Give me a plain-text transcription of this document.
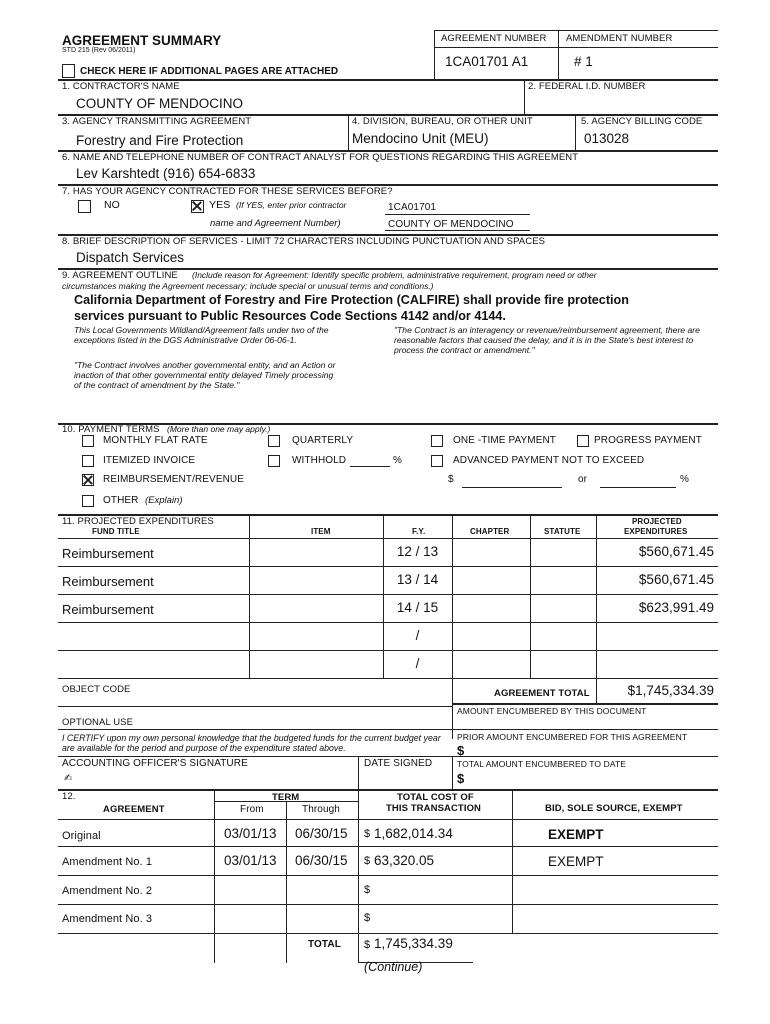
AGREEMENT SUMMARY
STD 215 (Rev 06/2011)
CHECK HERE IF ADDITIONAL PAGES ARE ATTACHED
AGREEMENT NUMBER AMENDMENT NUMBER
1CA01701 A1	# 1
1. CONTRACTOR'S NAME	2. FEDERAL I.D. NUMBER
COUNTY OF MENDOCINO
3. AGENCY TRANSMITTING AGREEMENT	4. DIVISION, BUREAU, OR OTHER UNIT	5. AGENCY BILLING CODE
Forestry and Fire Protection	Mendocino Unit (MEU)	013028
6. NAME AND TELEPHONE NUMBER OF CONTRACT ANALYST FOR QUESTIONS REGARDING THIS AGREEMENT
Lev Karshtedt (916) 654-6833
7. HAS YOUR AGENCY CONTRACTED FOR THESE SERVICES BEFORE?
NO	YES (If YES, enter prior contractor	1CA01701
name and Agreement Number)	COUNTY OF MENDOCINO
8. BRIEF DESCRIPTION OF SERVICES - LIMIT 72 CHARACTERS INCLUDING PUNCTUATION AND SPACES
Dispatch Services
9. AGREEMENT OUTLINE (Include reason for Agreement: Identify specific problem, administrative requirement, program need or other
circumstances making the Agreement necessary; include special or unusual terms and conditions.)
California Department of Forestry and Fire Protection (CALFIRE) shall provide fire protection
services pursuant to Public Resources Code Sections 4142 and/or 4144.
This Local Governments Wildland/Agreement falls under two of the exceptions listed in the DGS Administrative Order 06-06-1.
"The Contract is an interagency or revenue/reimbursement agreement, there are reasonable factors that caused the delay, and it is in the State's best interest to process the contract or amendment."
"The Contract involves another governmental entity, and an Action or inaction of that other governmental entity delayed Timely processing of the contract of amendment by the State."
10. PAYMENT TERMS (More than one may apply.)
MONTHLY FLAT RATE	QUARTERLY	ONE -TIME PAYMENT	PROGRESS PAYMENT
ITEMIZED INVOICE	WITHHOLD	%	ADVANCED PAYMENT NOT TO EXCEED
REIMBURSEMENT/REVENUE	$	or	%
OTHER (Explain)
11. PROJECTED EXPENDITURES
FUND TITLE	ITEM	F.Y.	CHAPTER	STATUTE
PROJECTED
EXPENDITURES
Reimbursement	12 / 13	$560,671.45
Reimbursement	13 / 14	$560,671.45
Reimbursement	14 / 15	$623,991.49
/
/
OBJECT CODE	AGREEMENT TOTAL	$1,745,334.39
AMOUNT ENCUMBERED BY THIS DOCUMENT
OPTIONAL USE
I CERTIFY upon my own personal knowledge that the budgeted funds for the current budget year are available for the period and purpose of the expenditure stated above.
PRIOR AMOUNT ENCUMBERED FOR THIS AGREEMENT
$
ACCOUNTING OFFICER'S SIGNATURE
✍
DATE SIGNED	TOTAL AMOUNT ENCUMBERED TO DATE
$
12.
AGREEMENT
TERM
From	Through
TOTAL COST OF
THIS TRANSACTION	BID, SOLE SOURCE, EXEMPT
Original	03/01/13 06/30/15 $ 1,682,014.34	EXEMPT
Amendment No. 1	03/01/13 06/30/15 $ 63,320.05	EXEMPT
Amendment No. 2	$
Amendment No. 3	$
TOTAL $ 1,745,334.39
(Continue)
